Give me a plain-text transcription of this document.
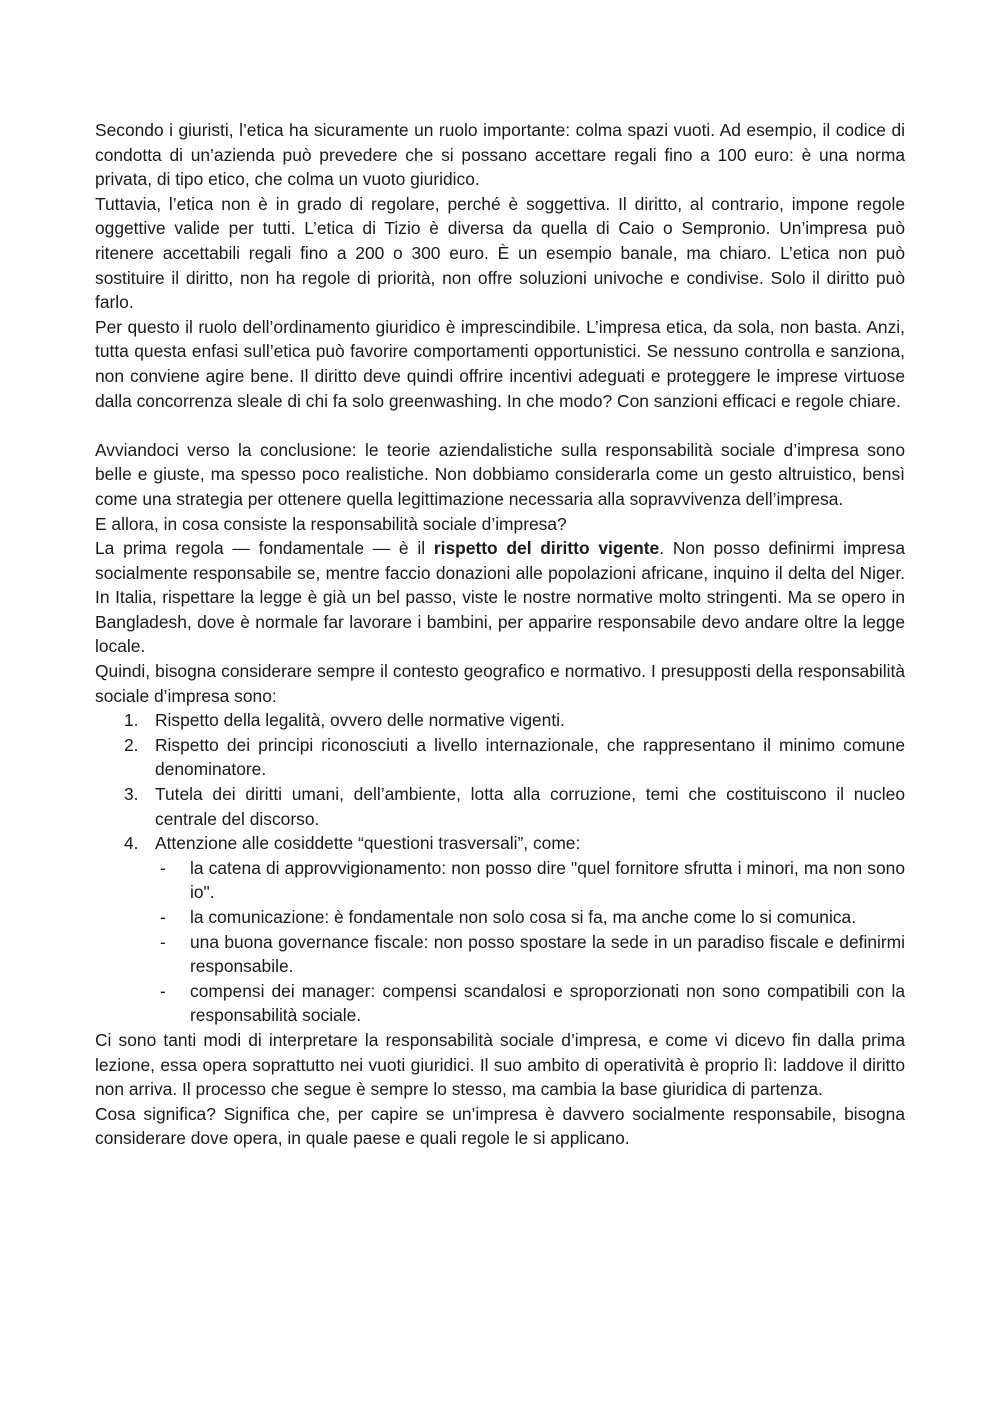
Secondo i giuristi, l’etica ha sicuramente un ruolo importante: colma spazi vuoti. Ad esempio, il codice di condotta di un’azienda può prevedere che si possano accettare regali fino a 100 euro: è una norma privata, di tipo etico, che colma un vuoto giuridico.

Tuttavia, l’etica non è in grado di regolare, perché è soggettiva. Il diritto, al contrario, impone regole oggettive valide per tutti. L’etica di Tizio è diversa da quella di Caio o Sempronio. Un’impresa può ritenere accettabili regali fino a 200 o 300 euro. È un esempio banale, ma chiaro. L’etica non può sostituire il diritto, non ha regole di priorità, non offre soluzioni univoche e condivise. Solo il diritto può farlo.

Per questo il ruolo dell’ordinamento giuridico è imprescindibile. L’impresa etica, da sola, non basta. Anzi, tutta questa enfasi sull’etica può favorire comportamenti opportunistici. Se nessuno controlla e sanziona, non conviene agire bene. Il diritto deve quindi offrire incentivi adeguati e proteggere le imprese virtuose dalla concorrenza sleale di chi fa solo greenwashing. In che modo? Con sanzioni efficaci e regole chiare.

Avviandoci verso la conclusione: le teorie aziendalistiche sulla responsabilità sociale d’impresa sono belle e giuste, ma spesso poco realistiche. Non dobbiamo considerarla come un gesto altruistico, bensì come una strategia per ottenere quella legittimazione necessaria alla sopravvivenza dell’impresa.

E allora, in cosa consiste la responsabilità sociale d’impresa?

La prima regola — fondamentale — è il rispetto del diritto vigente. Non posso definirmi impresa socialmente responsabile se, mentre faccio donazioni alle popolazioni africane, inquino il delta del Niger. In Italia, rispettare la legge è già un bel passo, viste le nostre normative molto stringenti. Ma se opero in Bangladesh, dove è normale far lavorare i bambini, per apparire responsabile devo andare oltre la legge locale.

Quindi, bisogna considerare sempre il contesto geografico e normativo. I presupposti della responsabilità sociale d’impresa sono:

1. Rispetto della legalità, ovvero delle normative vigenti.
2. Rispetto dei principi riconosciuti a livello internazionale, che rappresentano il minimo comune denominatore.
3. Tutela dei diritti umani, dell’ambiente, lotta alla corruzione, temi che costituiscono il nucleo centrale del discorso.
4. Attenzione alle cosiddette “questioni trasversali”, come:
- la catena di approvvigionamento: non posso dire "quel fornitore sfrutta i minori, ma non sono io".
- la comunicazione: è fondamentale non solo cosa si fa, ma anche come lo si comunica.
- una buona governance fiscale: non posso spostare la sede in un paradiso fiscale e definirmi responsabile.
- compensi dei manager: compensi scandalosi e sproporzionati non sono compatibili con la responsabilità sociale.

Ci sono tanti modi di interpretare la responsabilità sociale d’impresa, e come vi dicevo fin dalla prima lezione, essa opera soprattutto nei vuoti giuridici. Il suo ambito di operatività è proprio lì: laddove il diritto non arriva. Il processo che segue è sempre lo stesso, ma cambia la base giuridica di partenza.

Cosa significa? Significa che, per capire se un’impresa è davvero socialmente responsabile, bisogna considerare dove opera, in quale paese e quali regole le si applicano.
